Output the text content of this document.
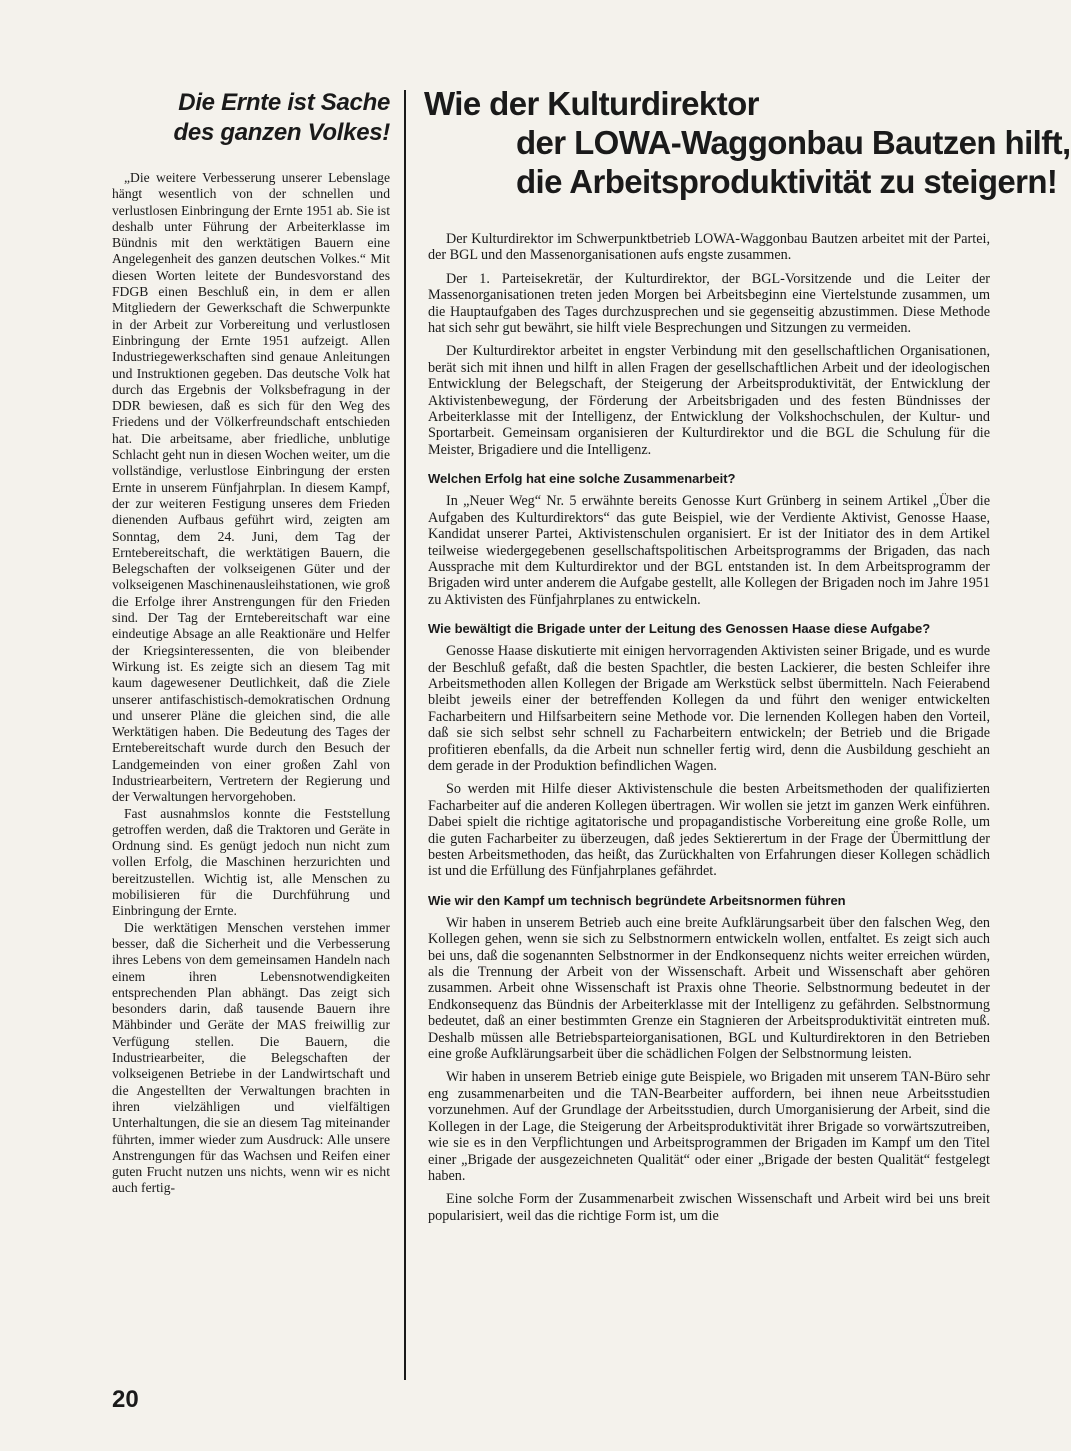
Die Ernte ist Sache
des ganzen Volkes!

„Die weitere Verbesserung unserer Lebenslage hängt wesentlich von der schnellen und verlustlosen Einbringung der Ernte 1951 ab. Sie ist deshalb unter Führung der Arbeiterklasse im Bündnis mit den werktätigen Bauern eine Angelegenheit des ganzen deutschen Volkes.“ Mit diesen Worten leitete der Bundesvorstand des FDGB einen Beschluß ein, in dem er allen Mitgliedern der Gewerkschaft die Schwerpunkte in der Arbeit zur Vorbereitung und verlustlosen Einbringung der Ernte 1951 aufzeigt. Allen Industriegewerkschaften sind genaue Anleitungen und Instruktionen gegeben. Das deutsche Volk hat durch das Ergebnis der Volksbefragung in der DDR bewiesen, daß es sich für den Weg des Friedens und der Völkerfreundschaft entschieden hat. Die arbeitsame, aber friedliche, unblutige Schlacht geht nun in diesen Wochen weiter, um die vollständige, verlustlose Einbringung der ersten Ernte in unserem Fünfjahrplan. In diesem Kampf, der zur weiteren Festigung unseres dem Frieden dienenden Aufbaus geführt wird, zeigten am Sonntag, dem 24. Juni, dem Tag der Erntebereitschaft, die werktätigen Bauern, die Belegschaften der volkseigenen Güter und der volkseigenen Maschinenausleihstationen, wie groß die Erfolge ihrer Anstrengungen für den Frieden sind. Der Tag der Erntebereitschaft war eine eindeutige Absage an alle Reaktionäre und Helfer der Kriegsinteressenten, die von bleibender Wirkung ist. Es zeigte sich an diesem Tag mit kaum dagewesener Deutlichkeit, daß die Ziele unserer antifaschistisch-demokratischen Ordnung und unserer Pläne die gleichen sind, die alle Werktätigen haben. Die Bedeutung des Tages der Erntebereitschaft wurde durch den Besuch der Landgemeinden von einer großen Zahl von Industriearbeitern, Vertretern der Regierung und der Verwaltungen hervorgehoben.

Fast ausnahmslos konnte die Feststellung getroffen werden, daß die Traktoren und Geräte in Ordnung sind. Es genügt jedoch nun nicht zum vollen Erfolg, die Maschinen herzurichten und bereitzustellen. Wichtig ist, alle Menschen zu mobilisieren für die Durchführung und Einbringung der Ernte.

Die werktätigen Menschen verstehen immer besser, daß die Sicherheit und die Verbesserung ihres Lebens von dem gemeinsamen Handeln nach einem ihren Lebensnotwendigkeiten entsprechenden Plan abhängt. Das zeigt sich besonders darin, daß tausende Bauern ihre Mähbinder und Geräte der MAS freiwillig zur Verfügung stellen. Die Bauern, die Industriearbeiter, die Belegschaften der volkseigenen Betriebe in der Landwirtschaft und die Angestellten der Verwaltungen brachten in ihren vielzähligen und vielfältigen Unterhaltungen, die sie an diesem Tag miteinander führten, immer wieder zum Ausdruck: Alle unsere Anstrengungen für das Wachsen und Reifen einer guten Frucht nutzen uns nichts, wenn wir es nicht auch fertig-

Wie der Kulturdirektor
der LOWA-Waggonbau Bautzen hilft,
die Arbeitsproduktivität zu steigern!

Der Kulturdirektor im Schwerpunktbetrieb LOWA-Waggonbau Bautzen arbeitet mit der Partei, der BGL und den Massenorganisationen aufs engste zusammen.

Der 1. Parteisekretär, der Kulturdirektor, der BGL-Vorsitzende und die Leiter der Massenorganisationen treten jeden Morgen bei Arbeitsbeginn eine Viertelstunde zusammen, um die Hauptaufgaben des Tages durchzusprechen und sie gegenseitig abzustimmen. Diese Methode hat sich sehr gut bewährt, sie hilft viele Besprechungen und Sitzungen zu vermeiden.

Der Kulturdirektor arbeitet in engster Verbindung mit den gesellschaftlichen Organisationen, berät sich mit ihnen und hilft in allen Fragen der gesellschaftlichen Arbeit und der ideologischen Entwicklung der Belegschaft, der Steigerung der Arbeitsproduktivität, der Entwicklung der Aktivistenbewegung, der Förderung der Arbeitsbrigaden und des festen Bündnisses der Arbeiterklasse mit der Intelligenz, der Entwicklung der Volkshochschulen, der Kultur- und Sportarbeit. Gemeinsam organisieren der Kulturdirektor und die BGL die Schulung für die Meister, Brigadiere und die Intelligenz.

Welchen Erfolg hat eine solche Zusammenarbeit?

In „Neuer Weg“ Nr. 5 erwähnte bereits Genosse Kurt Grünberg in seinem Artikel „Über die Aufgaben des Kulturdirektors“ das gute Beispiel, wie der Verdiente Aktivist, Genosse Haase, Kandidat unserer Partei, Aktivistenschulen organisiert. Er ist der Initiator des in dem Artikel teilweise wiedergegebenen gesellschaftspolitischen Arbeitsprogramms der Brigaden, das nach Aussprache mit dem Kulturdirektor und der BGL entstanden ist. In dem Arbeitsprogramm der Brigaden wird unter anderem die Aufgabe gestellt, alle Kollegen der Brigaden noch im Jahre 1951 zu Aktivisten des Fünfjahrplanes zu entwickeln.

Wie bewältigt die Brigade unter der Leitung des Genossen Haase diese Aufgabe?

Genosse Haase diskutierte mit einigen hervorragenden Aktivisten seiner Brigade, und es wurde der Beschluß gefaßt, daß die besten Spachtler, die besten Lackierer, die besten Schleifer ihre Arbeitsmethoden allen Kollegen der Brigade am Werkstück selbst übermitteln. Nach Feierabend bleibt jeweils einer der betreffenden Kollegen da und führt den weniger entwickelten Facharbeitern und Hilfsarbeitern seine Methode vor. Die lernenden Kollegen haben den Vorteil, daß sie sich selbst sehr schnell zu Facharbeitern entwickeln; der Betrieb und die Brigade profitieren ebenfalls, da die Arbeit nun schneller fertig wird, denn die Ausbildung geschieht an dem gerade in der Produktion befindlichen Wagen.

So werden mit Hilfe dieser Aktivistenschule die besten Arbeitsmethoden der qualifizierten Facharbeiter auf die anderen Kollegen übertragen. Wir wollen sie jetzt im ganzen Werk einführen. Dabei spielt die richtige agitatorische und propagandistische Vorbereitung eine große Rolle, um die guten Facharbeiter zu überzeugen, daß jedes Sektierertum in der Frage der Übermittlung der besten Arbeitsmethoden, das heißt, das Zurückhalten von Erfahrungen dieser Kollegen schädlich ist und die Erfüllung des Fünfjahrplanes gefährdet.

Wie wir den Kampf um technisch begründete Arbeitsnormen führen

Wir haben in unserem Betrieb auch eine breite Aufklärungsarbeit über den falschen Weg, den Kollegen gehen, wenn sie sich zu Selbstnormern entwickeln wollen, entfaltet. Es zeigt sich auch bei uns, daß die sogenannten Selbstnormer in der Endkonsequenz nichts weiter erreichen würden, als die Trennung der Arbeit von der Wissenschaft. Arbeit und Wissenschaft aber gehören zusammen. Arbeit ohne Wissenschaft ist Praxis ohne Theorie. Selbstnormung bedeutet in der Endkonsequenz das Bündnis der Arbeiterklasse mit der Intelligenz zu gefährden. Selbstnormung bedeutet, daß an einer bestimmten Grenze ein Stagnieren der Arbeitsproduktivität eintreten muß. Deshalb müssen alle Betriebsparteiorganisationen, BGL und Kulturdirektoren in den Betrieben eine große Aufklärungsarbeit über die schädlichen Folgen der Selbstnormung leisten.

Wir haben in unserem Betrieb einige gute Beispiele, wo Brigaden mit unserem TAN-Büro sehr eng zusammenarbeiten und die TAN-Bearbeiter auffordern, bei ihnen neue Arbeitsstudien vorzunehmen. Auf der Grundlage der Arbeitsstudien, durch Umorganisierung der Arbeit, sind die Kollegen in der Lage, die Steigerung der Arbeitsproduktivität ihrer Brigade so vorwärtszutreiben, wie sie es in den Verpflichtungen und Arbeitsprogrammen der Brigaden im Kampf um den Titel einer „Brigade der ausgezeichneten Qualität“ oder einer „Brigade der besten Qualität“ festgelegt haben.

Eine solche Form der Zusammenarbeit zwischen Wissenschaft und Arbeit wird bei uns breit popularisiert, weil das die richtige Form ist, um die

20
